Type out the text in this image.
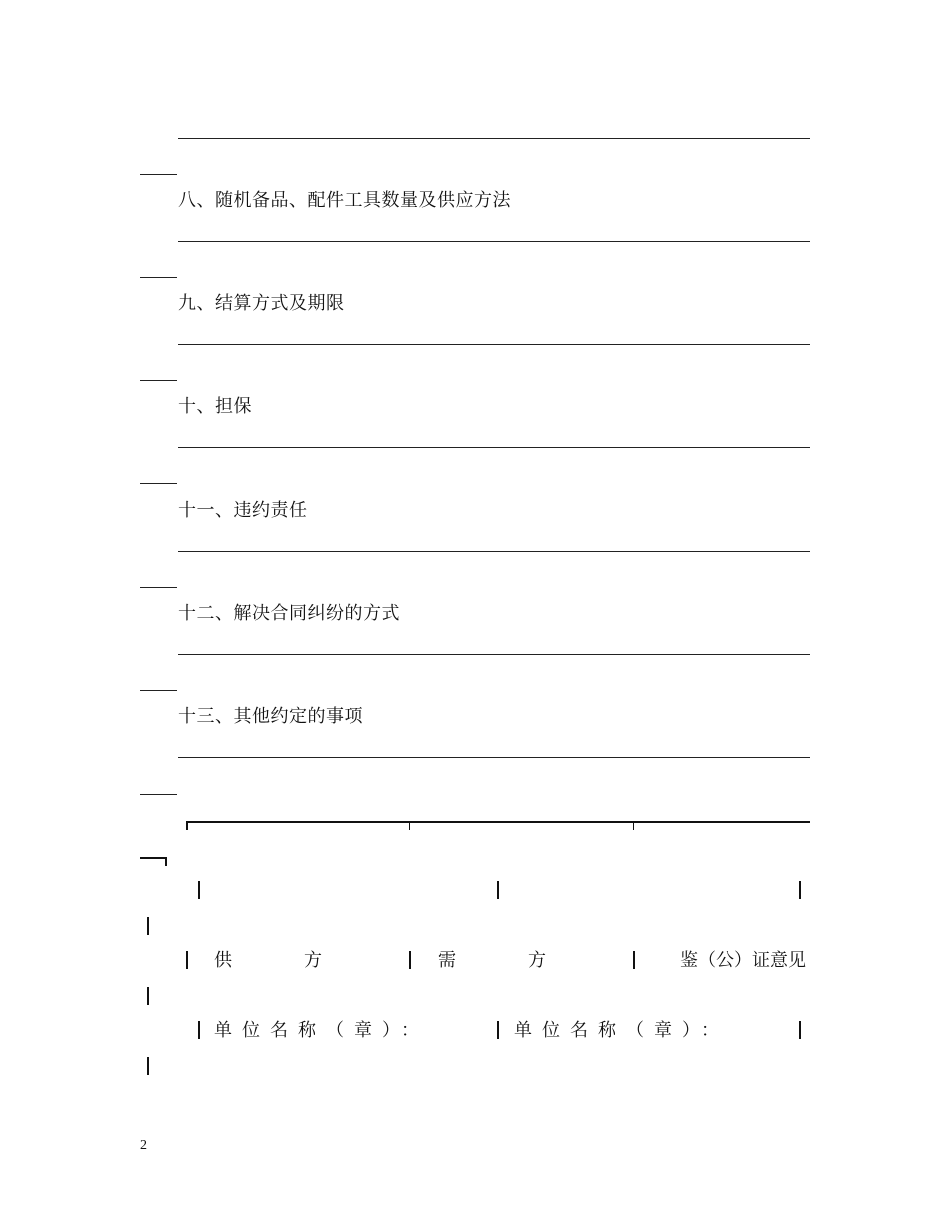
八、随机备品、配件工具数量及供应方法
九、结算方式及期限
十、担保
十一、违约责任
十二、解决合同纠纷的方式
十三、其他约定的事项
供　　　　方	需　　　　方	鉴（公）证意见
单位名称（章）：	单位名称（章）：
2
